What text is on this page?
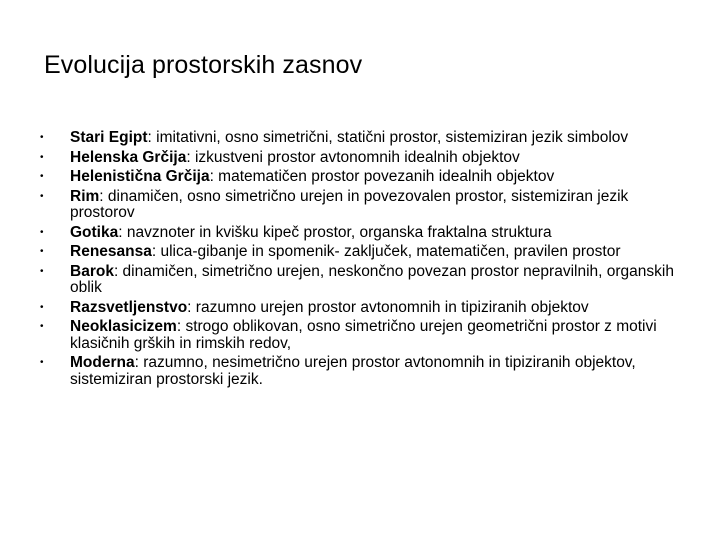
Evolucija prostorskih zasnov
• Stari Egipt: imitativni, osno simetrični, statični prostor, sistemiziran jezik simbolov
• Helenska Grčija: izkustveni prostor avtonomnih idealnih objektov
• Helenistična Grčija: matematičen prostor povezanih idealnih objektov
• Rim: dinamičen, osno simetrično urejen in povezovalen prostor, sistemiziran jezik prostorov
• Gotika: navznoter in kvišku kipeč prostor, organska fraktalna struktura
• Renesansa: ulica-gibanje in spomenik- zaključek, matematičen, pravilen prostor
• Barok: dinamičen, simetrično urejen, neskončno povezan prostor nepravilnih, organskih oblik
• Razsvetljenstvo: razumno urejen prostor avtonomnih in tipiziranih objektov
• Neoklasicizem: strogo oblikovan, osno simetrično urejen geometrični prostor z motivi klasičnih grških in rimskih redov,
• Moderna: razumno, nesimetrično urejen prostor avtonomnih in tipiziranih objektov, sistemiziran prostorski jezik.
